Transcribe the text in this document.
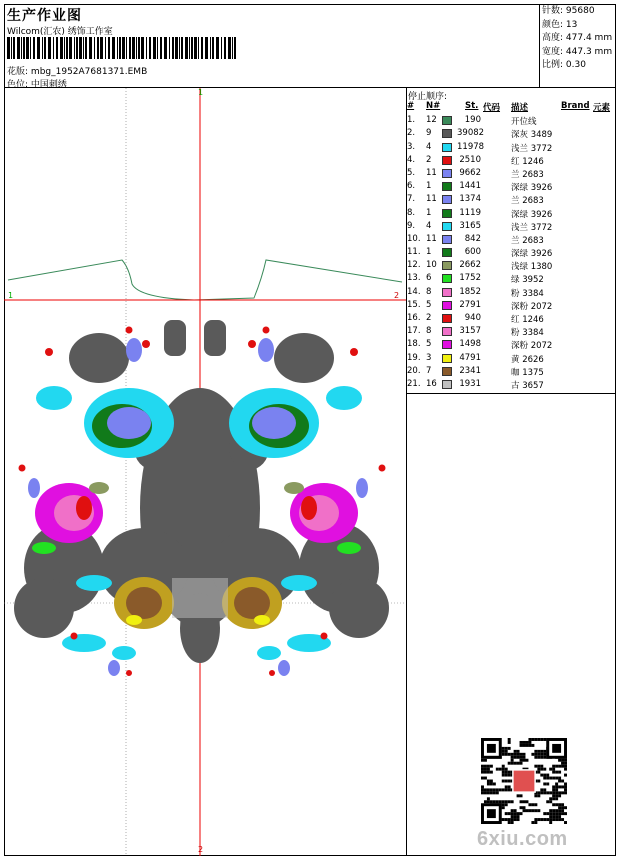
生产作业图
Wilcom(汇农) 绣饰工作室
花版: mbg_1952A7681371.EMB
色位: 中国刺绣
针数: 95680
颜色: 13
高度: 477.4 mm
宽度: 447.3 mm
比例: 0.30
1
1	2
2
停止顺序:
# N#	St. 代码 描述	Brand 元素
1. 12	190	开位线
2. 9	39082	深灰 3489
3. 4	11978	浅兰 3772
4. 2	2510	红 1246
5. 11	9662	兰 2683
6. 1	1441	深绿 3926
7. 11	1374	兰 2683
8. 1	1119	深绿 3926
9. 4	3165	浅兰 3772
10. 11	842	兰 2683
11. 1	600	深绿 3926
12. 10	2662	浅绿 1380
13. 6	1752	绿 3952
14. 8	1852	粉 3384
15. 5	2791	深粉 2072
16. 2	940	红 1246
17. 8	3157	粉 3384
18. 5	1498	深粉 2072
19. 3	4791	黄 2626
20. 7	2341	咖 1375
21. 16	1931	古 3657
6xiu.com
